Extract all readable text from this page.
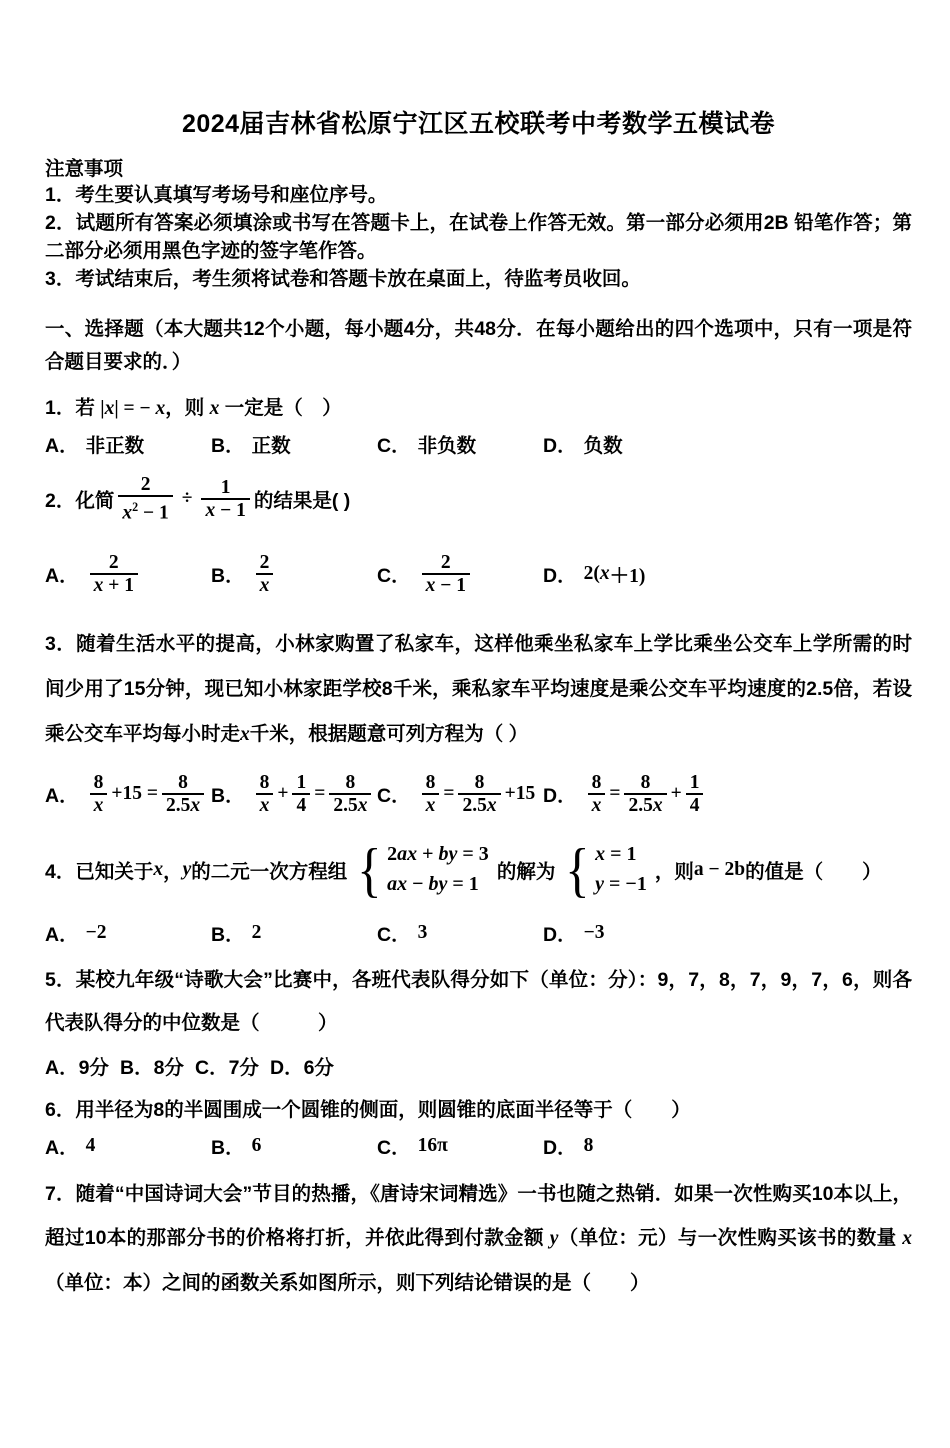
2024届吉林省松原宁江区五校联考中考数学五模试卷

注意事项

1．考生要认真填写考场号和座位序号。

2．试题所有答案必须填涂或书写在答题卡上，在试卷上作答无效。第一部分必须用2B 铅笔作答；第二部分必须用黑色字迹的签字笔作答。

3．考试结束后，考生须将试卷和答题卡放在桌面上，待监考员收回。

一、选择题（本大题共12个小题，每小题4分，共48分．在每小题给出的四个选项中，只有一项是符合题目要求的．）

1．若 |x| = − x，则 x 一定是（　）

A． 非正数	B． 正数	C． 非负数	D． 负数
2．化简 $\frac{2}{x^2 - 1} \div \frac{1}{x - 1}$ 的结果是( )
A． $\frac{2}{x + 1}$	B． $\frac{2}{x}$	C． $\frac{2}{x - 1}$	D． 2( x ＋1)

3．随着生活水平的提高，小林家购置了私家车，这样他乘坐私家车上学比乘坐公交车上学所需的时间少用了15分钟，现已知小林家距学校8千米，乘私家车平均速度是乘公交车平均速度的2.5倍，若设乘公交车平均每小时走x千米，根据题意可列方程为（ ）

A． $\frac{8}{x} +15 = \frac{8}{2.5x}$ B． $\frac{8}{x} + \frac{1}{4} = \frac{8}{2.5x}$ C． $\frac{8}{x} = \frac{8}{2.5x} +15$ D． $\frac{8}{x} = \frac{8}{2.5x} + \frac{1}{4}$
4．已知关于 x ， y 的二元一次方程组 { 2ax + by = 3
ax − by = 1
的解为 { x = 1
y = −1
，则 a − 2b 的值是（　　）
A． −2	B． 2	C． 3	D． −3

5．某校九年级“诗歌大会”比赛中，各班代表队得分如下（单位：分）：9，7，8，7，9，7，6，则各代表队得分的中位数是（　　　）

A．9分 B．8分 C．7分 D．6分

6．用半径为8的半圆围成一个圆锥的侧面，则圆锥的底面半径等于（　　）

A． 4	B． 6	C． 16π	D． 8

7．随着“中国诗词大会”节目的热播，《唐诗宋词精选》一书也随之热销．如果一次性购买10本以上，超过10本的那部分书的价格将打折，并依此得到付款金额 y（单位：元）与一次性购买该书的数量 x（单位：本）之间的函数关系如图所示，则下列结论错误的是（　　）
